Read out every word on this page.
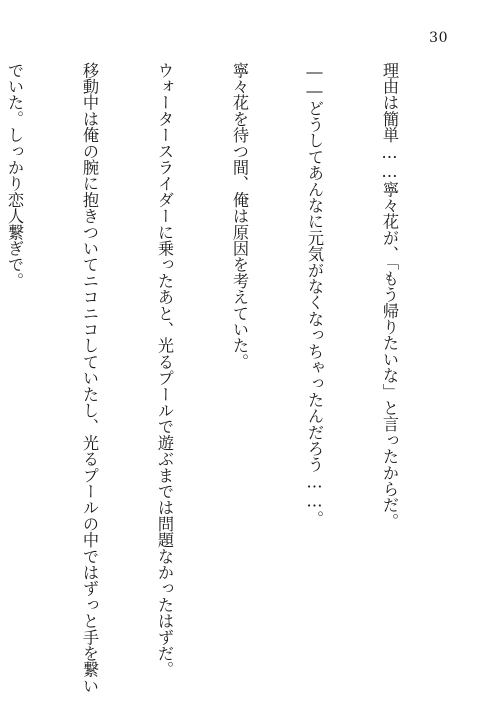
30

理由は簡単……寧々花が、「もう帰りたいな」と言ったからだ。

――どうしてあんなに元気がなくなっちゃったんだろう……。

寧々花を待つ間、俺は原因を考えていた。

ウォータースライダーに乗ったあと、光るプールで遊ぶまでは問題なかったはずだ。

移動中は俺の腕に抱きついてニコニコしていたし、光るプールの中ではずっと手を繋い

でいた。しっかり恋人繋ぎで。
